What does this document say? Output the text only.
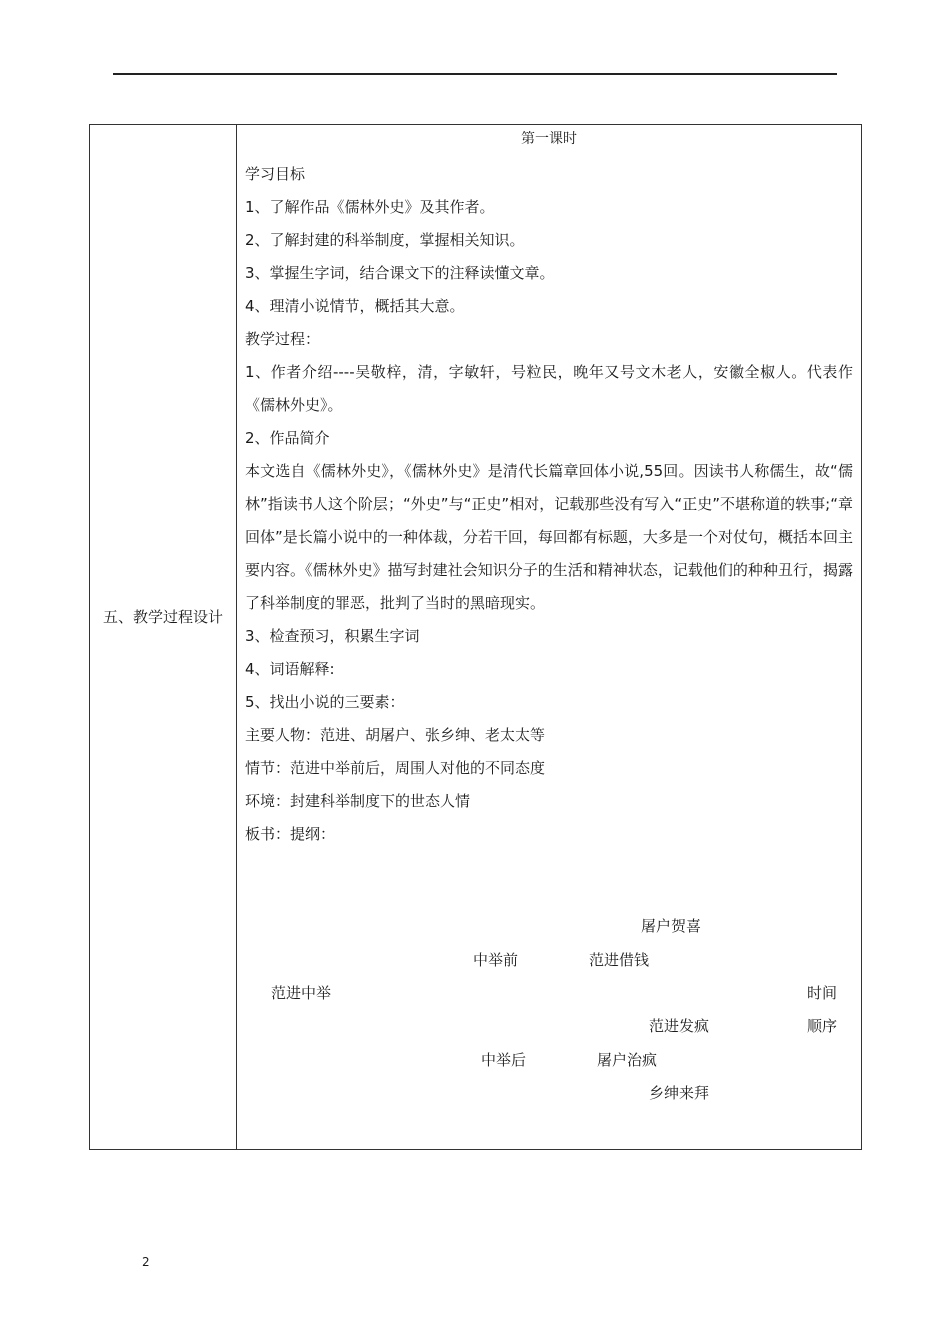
五、教学过程设计
第一课时

学习目标

1、了解作品《儒林外史》及其作者。

2、了解封建的科举制度，掌握相关知识。

3、掌握生字词，结合课文下的注释读懂文章。

4、理清小说情节，概括其大意。

教学过程：

1、作者介绍----吴敬梓，清，字敏轩，号粒民，晚年又号文木老人，安徽全椒人。代表作《儒林外史》。

2、作品简介

本文选自《儒林外史》，《儒林外史》是清代长篇章回体小说,55回。因读书人称儒生，故“儒林”指读书人这个阶层；“外史”与“正史”相对，记载那些没有写入“正史”不堪称道的轶事;“章回体”是长篇小说中的一种体裁，分若干回，每回都有标题，大多是一个对仗句，概括本回主要内容。《儒林外史》描写封建社会知识分子的生活和精神状态，记载他们的种种丑行，揭露了科举制度的罪恶，批判了当时的黑暗现实。

3、检查预习，积累生字词

4、词语解释:

5、找出小说的三要素：

主要人物：范进、胡屠户、张乡绅、老太太等

情节：范进中举前后，周围人对他的不同态度

环境：封建科举制度下的世态人情

板书：提纲：

屠户贺喜
中举前	范进借钱
范进中举	时间
范进发疯	顺序
中举后	屠户治疯
乡绅来拜
2
